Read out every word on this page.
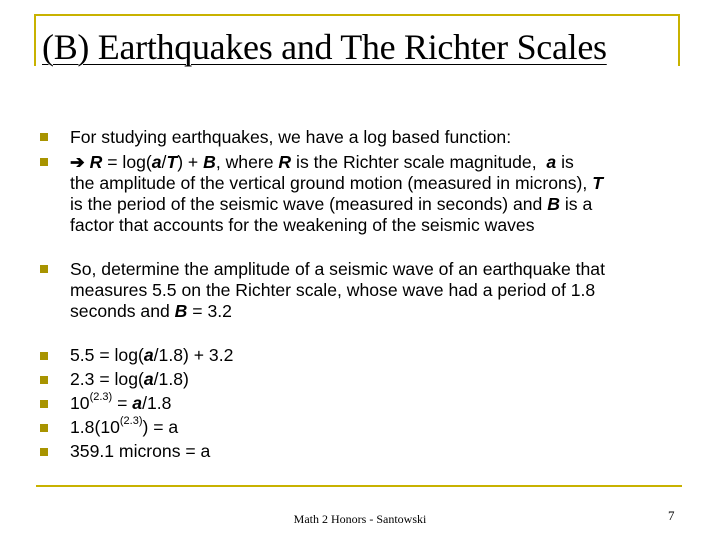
(B) Earthquakes and The Richter Scales
For studying earthquakes, we have a log based function:
➔ R = log(a/T) + B, where R is the Richter scale magnitude, a is
the amplitude of the vertical ground motion (measured in microns), T
is the period of the seismic wave (measured in seconds) and B is a
factor that accounts for the weakening of the seismic waves
So, determine the amplitude of a seismic wave of an earthquake that
measures 5.5 on the Richter scale, whose wave had a period of 1.8
seconds and B = 3.2
5.5 = log(a/1.8) + 3.2
2.3 = log(a/1.8)
$10^{(2.3)} = a/1.8$
$1.8(10^{(2.3)}) = a$
359.1 microns = a
Math 2 Honors - Santowski	7
